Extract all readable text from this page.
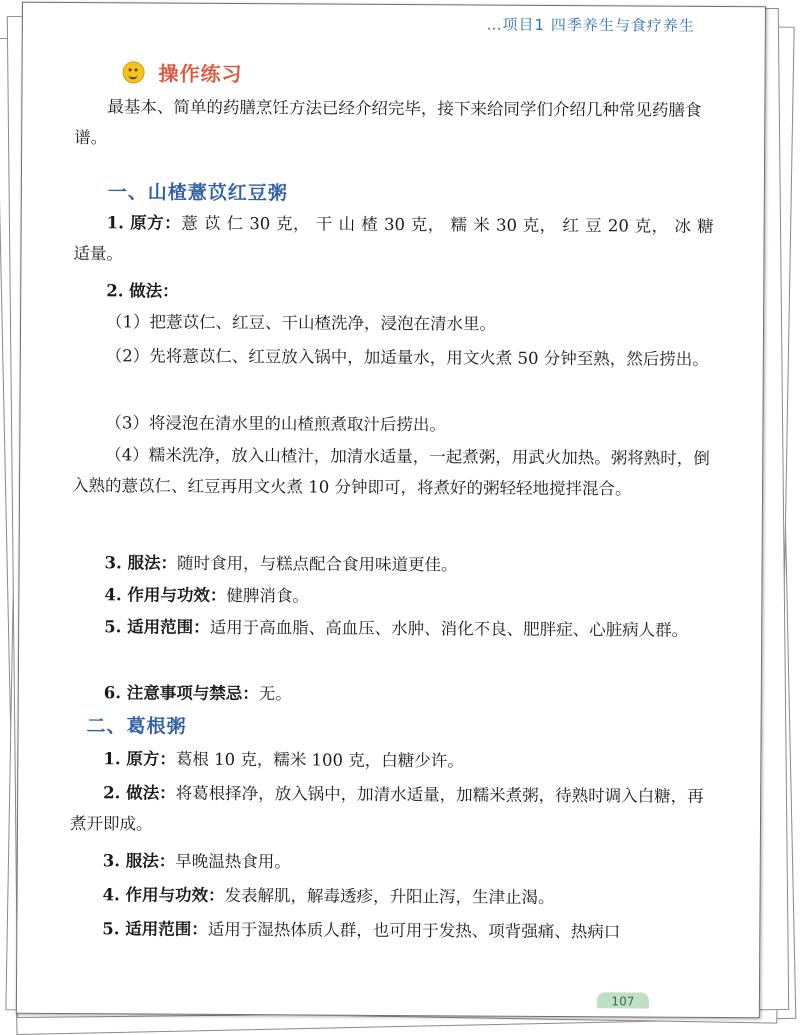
…项目1 四季养生与食疗养生
操作练习

最基本、简单的药膳烹饪方法已经介绍完毕，接下来给同学们介绍几种常见药膳食谱。

一、山楂薏苡红豆粥
1. 原方：薏 苡 仁 30 克， 干 山 楂 30 克， 糯 米 30 克， 红 豆 20 克， 冰 糖
适量。
2. 做法：

（1）把薏苡仁、红豆、干山楂洗净，浸泡在清水里。

（2）先将薏苡仁、红豆放入锅中，加适量水，用文火煮 50 分钟至熟，然后捞出。

（3）将浸泡在清水里的山楂煎煮取汁后捞出。

（4）糯米洗净，放入山楂汁，加清水适量，一起煮粥，用武火加热。粥将熟时，倒入熟的薏苡仁、红豆再用文火煮 10 分钟即可，将煮好的粥轻轻地搅拌混合。

3. 服法：随时食用，与糕点配合食用味道更佳。

4. 作用与功效：健脾消食。

5. 适用范围：适用于高血脂、高血压、水肿、消化不良、肥胖症、心脏病人群。

6. 注意事项与禁忌：无。

二、葛根粥

1. 原方：葛根 10 克，糯米 100 克，白糖少许。

2. 做法：将葛根择净，放入锅中，加清水适量，加糯米煮粥，待熟时调入白糖，再煮开即成。

3. 服法：早晚温热食用。

4. 作用与功效：发表解肌，解毒透疹，升阳止泻，生津止渴。

5. 适用范围：适用于湿热体质人群，也可用于发热、项背强痛、热病口

107
